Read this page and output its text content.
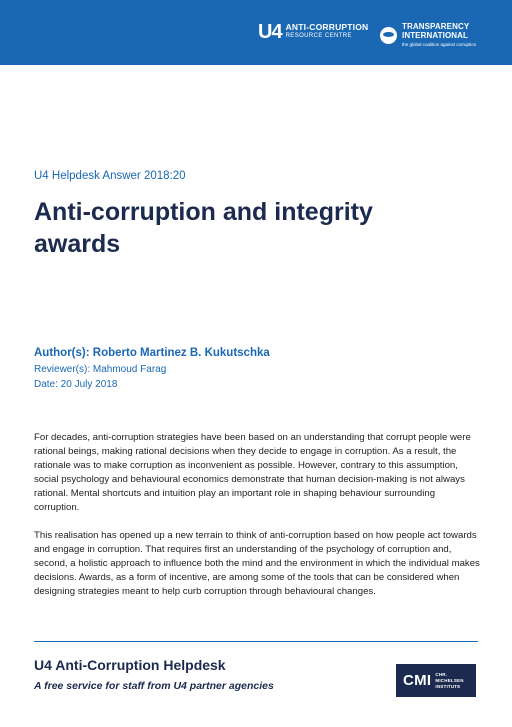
U4 ANTI-CORRUPTION
RESOURCE CENTRE
TRANSPARENCY
INTERNATIONAL
the global coalition against corruption
U4 Helpdesk Answer 2018:20
Anti-corruption and integrity awards
Author(s): Roberto Martinez B. Kukutschka
Reviewer(s): Mahmoud Farag
Date: 20 July 2018

For decades, anti-corruption strategies have been based on an understanding that corrupt people were rational beings, making rational decisions when they decide to engage in corruption. As a result, the rationale was to make corruption as inconvenient as possible. However, contrary to this assumption, social psychology and behavioural economics demonstrate that human decision-making is not always rational. Mental shortcuts and intuition play an important role in shaping behaviour surrounding corruption.

This realisation has opened up a new terrain to think of anti-corruption based on how people act towards and engage in corruption. That requires first an understanding of the psychology of corruption and, second, a holistic approach to influence both the mind and the environment in which the individual makes decisions. Awards, as a form of incentive, are among some of the tools that can be considered when designing strategies meant to help curb corruption through behavioural changes.

U4 Anti-Corruption Helpdesk
A free service for staff from U4 partner agencies	CMI CHR.
MICHELSEN
INSTITUTE
